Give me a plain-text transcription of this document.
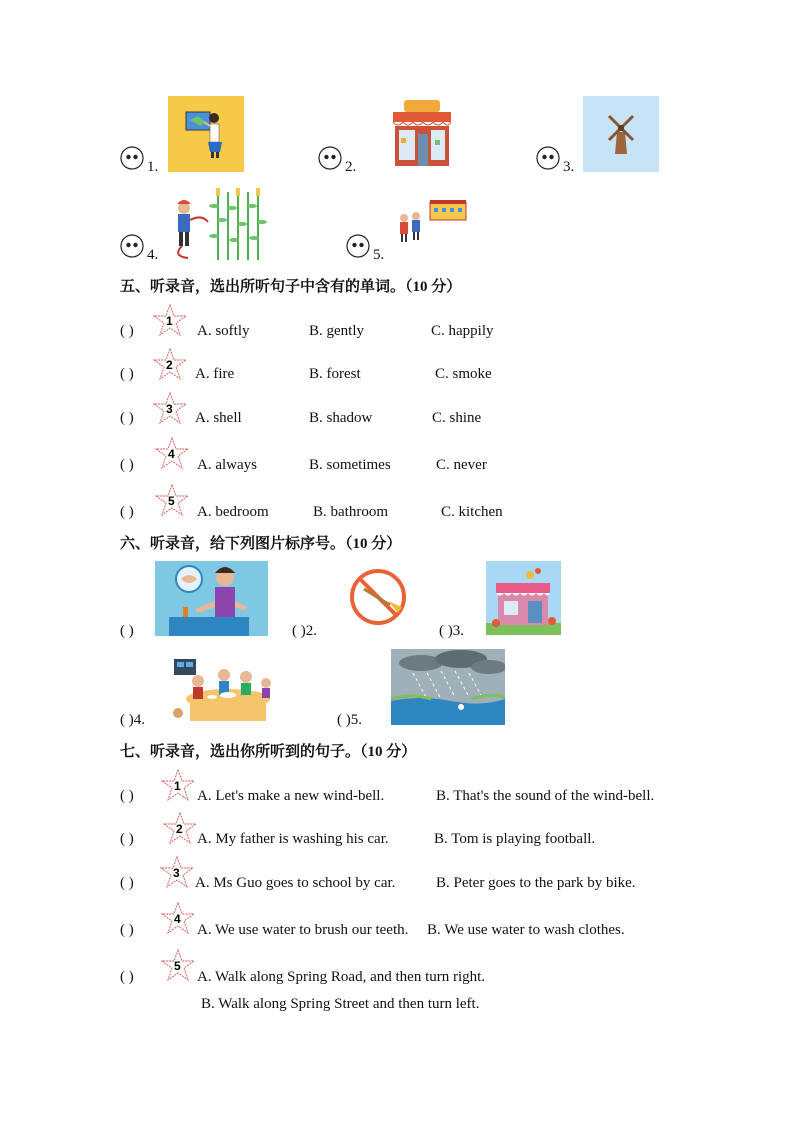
1.	2.	3.
4.	5.
五、听录音，选出所听句子中含有的单词。（10 分）
( )
1
A. softly	B. gently	C. happily
( )
2
A. fire	B. forest	C. smoke
( )
3
A. shell	B. shadow	C. shine
( )
4
A. always	B. sometimes	C. never
( )
5
A. bedroom	B. bathroom	C. kitchen
六、听录音，给下列图片标序号。（10 分）
( )	( )2.	( )3.
( )4.	( )5.
七、听录音，选出你所听到的句子。（10 分）
( )
1
A. Let's make a new wind-bell.	B. That's the sound of the wind-bell.
( )
2
A. My father is washing his car.	B. Tom is playing football.
( )
3
A. Ms Guo goes to school by car.	B. Peter goes to the park by bike.
( )
4
A. We use water to brush our teeth. B. We use water to wash clothes.
( )
5
A. Walk along Spring Road, and then turn right.
B. Walk along Spring Street and then turn left.
